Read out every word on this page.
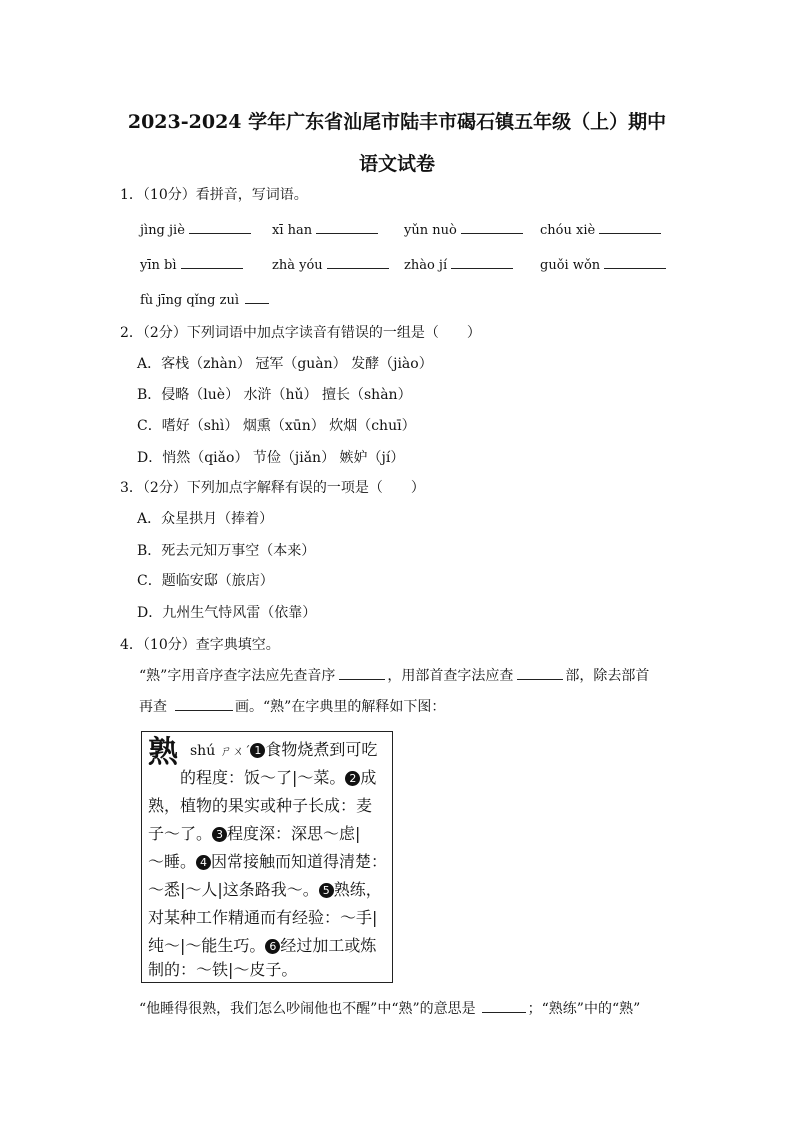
2023-2024 学年广东省汕尾市陆丰市碣石镇五年级（上）期中
语文试卷
1．（10分）看拼音，写词语。
jìng jiè	xī han	yǔn nuò	chóu xiè
yīn bì	zhà yóu	zhào jí	guǒi wǒn
fù jīng qǐng zuì
2．（2分）下列词语中加点字读音有错误的一组是（　　）
A．客栈（zhàn） 冠军（guàn） 发酵（jiào）
B．侵略（luè） 水浒（hǔ） 擅长（shàn）
C．嗜好（shì） 烟熏（xūn） 炊烟（chuī）
D．悄然（qiǎo） 节俭（jiǎn） 嫉妒（jí）
3．（2分）下列加点字解释有误的一项是（　　）
A．众星拱月（捧着）
B．死去元知万事空（本来）
C．题临安邸（旅店）
D．九州生气恃风雷（依靠）
4．（10分）查字典填空。
“熟”字用音序查字法应先查音序	，用部首查字法应查	部，除去部首
再查	画。“熟”在字典里的解释如下图：
熟 shú ㄕㄨˊ 1 食物烧煮到可吃
的程度：饭～了|～菜。 2 成
熟，植物的果实或种子长成：麦
子～了。 3 程度深：深思～虑|
～睡。 4 因常接触而知道得清楚：
～悉|～人|这条路我～。 5 熟练，
对某种工作精通而有经验：～手|
纯～|～能生巧。 6 经过加工或炼
制的：～铁|～皮子。
“他睡得很熟，我们怎么吵闹他也不醒”中“熟”的意思是	；“熟练”中的“熟”
